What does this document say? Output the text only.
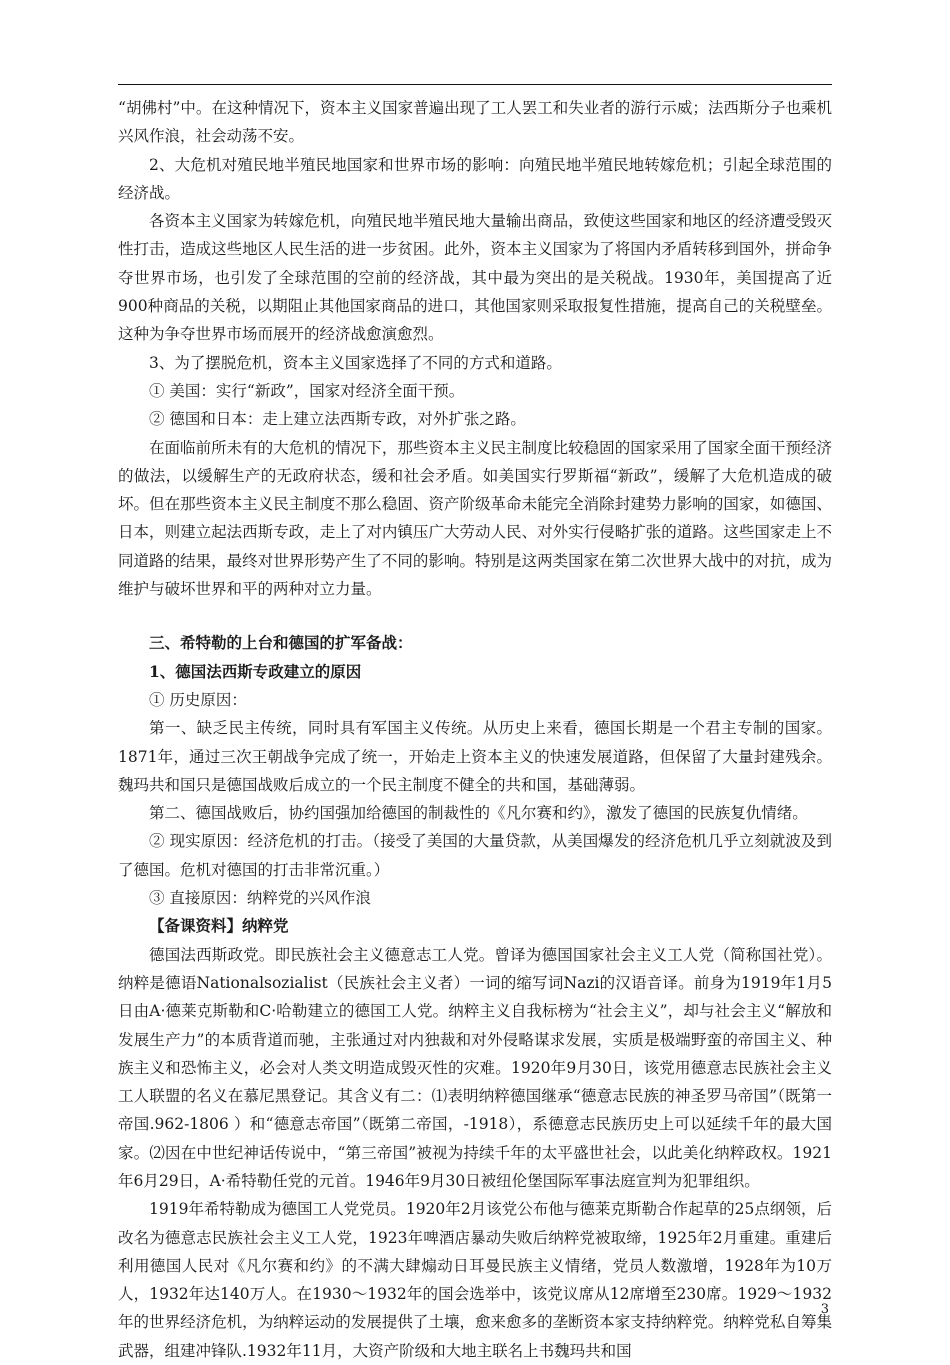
“胡佛村”中。在这种情况下，资本主义国家普遍出现了工人罢工和失业者的游行示威；法西斯分子也乘机兴风作浪，社会动荡不安。

2、大危机对殖民地半殖民地国家和世界市场的影响：向殖民地半殖民地转嫁危机；引起全球范围的经济战。

各资本主义国家为转嫁危机，向殖民地半殖民地大量输出商品，致使这些国家和地区的经济遭受毁灭性打击，造成这些地区人民生活的进一步贫困。此外，资本主义国家为了将国内矛盾转移到国外，拼命争夺世界市场，也引发了全球范围的空前的经济战，其中最为突出的是关税战。1930年，美国提高了近900种商品的关税，以期阻止其他国家商品的进口，其他国家则采取报复性措施，提高自己的关税壁垒。这种为争夺世界市场而展开的经济战愈演愈烈。

3、为了摆脱危机，资本主义国家选择了不同的方式和道路。

① 美国：实行“新政”，国家对经济全面干预。

② 德国和日本：走上建立法西斯专政，对外扩张之路。

在面临前所未有的大危机的情况下，那些资本主义民主制度比较稳固的国家采用了国家全面干预经济的做法，以缓解生产的无政府状态，缓和社会矛盾。如美国实行罗斯福“新政”，缓解了大危机造成的破坏。但在那些资本主义民主制度不那么稳固、资产阶级革命未能完全消除封建势力影响的国家，如德国、日本，则建立起法西斯专政，走上了对内镇压广大劳动人民、对外实行侵略扩张的道路。这些国家走上不同道路的结果，最终对世界形势产生了不同的影响。特别是这两类国家在第二次世界大战中的对抗，成为维护与破坏世界和平的两种对立力量。

三、希特勒的上台和德国的扩军备战：

1、德国法西斯专政建立的原因

① 历史原因：

第一、缺乏民主传统，同时具有军国主义传统。从历史上来看，德国长期是一个君主专制的国家。1871年，通过三次王朝战争完成了统一，开始走上资本主义的快速发展道路，但保留了大量封建残余。魏玛共和国只是德国战败后成立的一个民主制度不健全的共和国，基础薄弱。

第二、德国战败后，协约国强加给德国的制裁性的《凡尔赛和约》，激发了德国的民族复仇情绪。

② 现实原因：经济危机的打击。（接受了美国的大量贷款，从美国爆发的经济危机几乎立刻就波及到了德国。危机对德国的打击非常沉重。）

③ 直接原因：纳粹党的兴风作浪

【备课资料】纳粹党

德国法西斯政党。即民族社会主义德意志工人党。曾译为德国国家社会主义工人党（简称国社党）。纳粹是德语Nationalsozialist（民族社会主义者）一词的缩写词Nazi的汉语音译。前身为1919年1月5日由A·德莱克斯勒和C·哈勒建立的德国工人党。纳粹主义自我标榜为“社会主义”，却与社会主义“解放和发展生产力”的本质背道而驰，主张通过对内独裁和对外侵略谋求发展，实质是极端野蛮的帝国主义、种族主义和恐怖主义，必会对人类文明造成毁灭性的灾难。1920年9月30日，该党用德意志民族社会主义工人联盟的名义在慕尼黑登记。其含义有二：⑴表明纳粹德国继承“德意志民族的神圣罗马帝国”（既第一帝国.962-1806 ）和“德意志帝国”（既第二帝国，-1918），系德意志民族历史上可以延续千年的最大国家。⑵因在中世纪神话传说中，“第三帝国”被视为持续千年的太平盛世社会，以此美化纳粹政权。1921年6月29日，A·希特勒任党的元首。1946年9月30日被纽伦堡国际军事法庭宣判为犯罪组织。

1919年希特勒成为德国工人党党员。1920年2月该党公布他与德莱克斯勒合作起草的25点纲领，后改名为德意志民族社会主义工人党，1923年啤酒店暴动失败后纳粹党被取缔，1925年2月重建。重建后利用德国人民对《凡尔赛和约》的不满大肆煽动日耳曼民族主义情绪，党员人数激增，1928年为10万人，1932年达140万人。在1930～1932年的国会选举中，该党议席从12席增至230席。1929～1932年的世界经济危机，为纳粹运动的发展提供了土壤，愈来愈多的垄断资本家支持纳粹党。纳粹党私自筹集武器，组建冲锋队.1932年11月，大资产阶级和大地主联名上书魏玛共和国

3
